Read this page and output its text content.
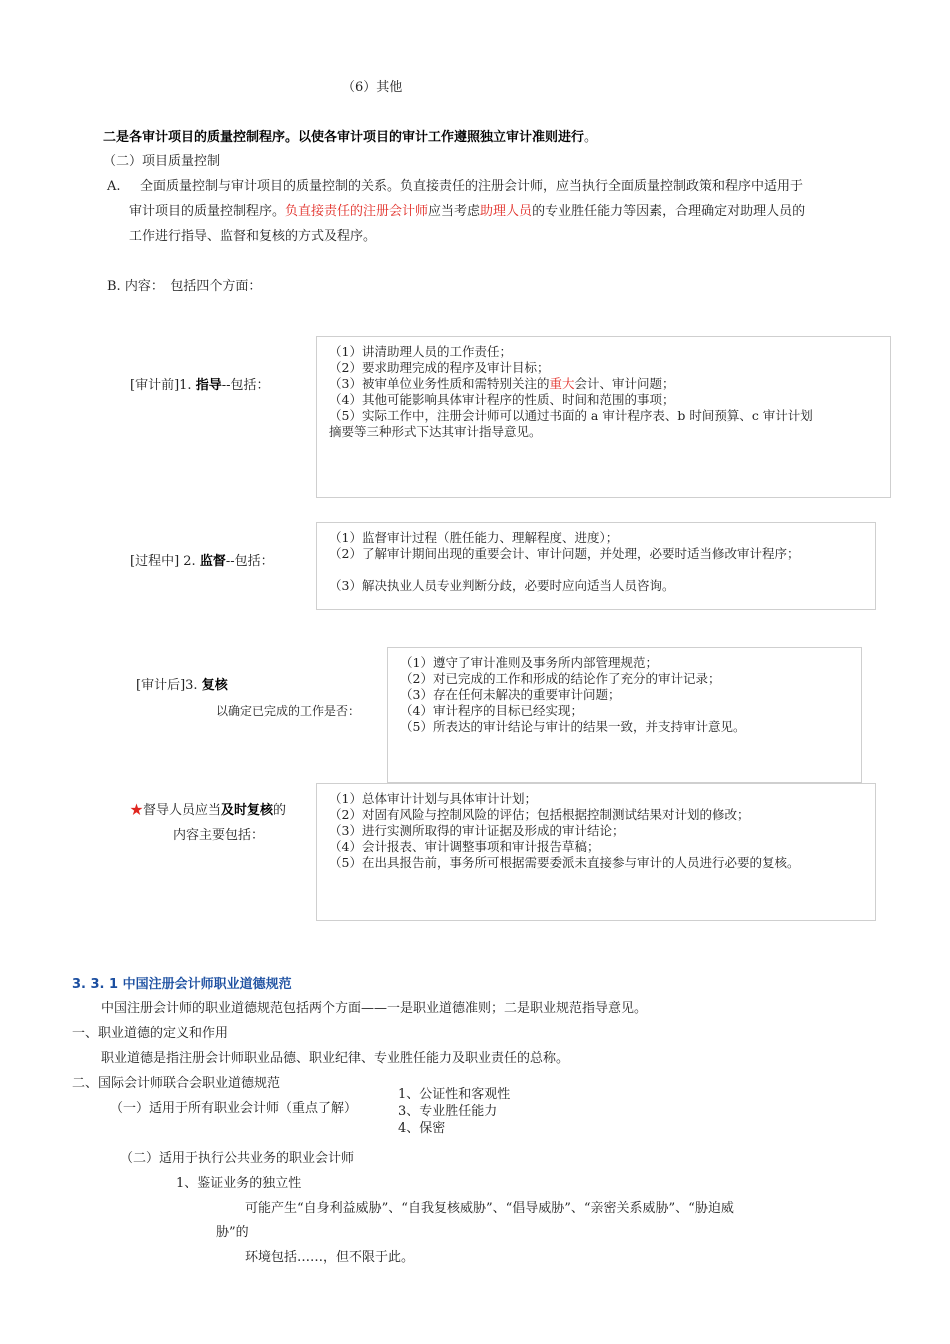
（6）其他
二是各审计项目的质量控制程序。以使各审计项目的审计工作遵照独立审计准则进行。
（二）项目质量控制
A. 全面质量控制与审计项目的质量控制的关系。负直接责任的注册会计师，应当执行全面质量控制政策和程序中适用于
审计项目的质量控制程序。负直接责任的注册会计师应当考虑助理人员的专业胜任能力等因素，合理确定对助理人员的
工作进行指导、监督和复核的方式及程序。
B. 内容：　包括四个方面：
[审计前]1. 指导--包括：
（1）讲清助理人员的工作责任；
（2）要求助理完成的程序及审计目标；
（3）被审单位业务性质和需特别关注的重大会计、审计问题；
（4）其他可能影响具体审计程序的性质、时间和范围的事项；
（5）实际工作中，注册会计师可以通过书面的 a 审计程序表、b 时间预算、c 审计计划
摘要等三种形式下达其审计指导意见。
[过程中] 2. 监督--包括：
（1）监督审计过程（胜任能力、理解程度、进度）；
（2）了解审计期间出现的重要会计、审计问题，并处理，必要时适当修改审计程序；
（3）解决执业人员专业判断分歧，必要时应向适当人员咨询。
[审计后]3. 复核
以确定已完成的工作是否：
（1）遵守了审计准则及事务所内部管理规范；
（2）对已完成的工作和形成的结论作了充分的审计记录；
（3）存在任何未解决的重要审计问题；
（4）审计程序的目标已经实现；
（5）所表达的审计结论与审计的结果一致，并支持审计意见。
★督导人员应当及时复核的
内容主要包括：
（1）总体审计计划与具体审计计划；
（2）对固有风险与控制风险的评估；包括根据控制测试结果对计划的修改；
（3）进行实测所取得的审计证据及形成的审计结论；
（4）会计报表、审计调整事项和审计报告草稿；
（5）在出具报告前，事务所可根据需要委派未直接参与审计的人员进行必要的复核。
3. 3. 1 中国注册会计师职业道德规范
中国注册会计师的职业道德规范包括两个方面——一是职业道德准则；二是职业规范指导意见。
一、职业道德的定义和作用
职业道德是指注册会计师职业品德、职业纪律、专业胜任能力及职业责任的总称。
二、国际会计师联合会职业道德规范
（一）适用于所有职业会计师（重点了解）
1、公证性和客观性
3、专业胜任能力
4、保密
（二）适用于执行公共业务的职业会计师
1、鉴证业务的独立性
可能产生“自身利益威胁”、“自我复核威胁”、“倡导威胁”、“亲密关系威胁”、“胁迫威
胁”的
环境包括……，但不限于此。
